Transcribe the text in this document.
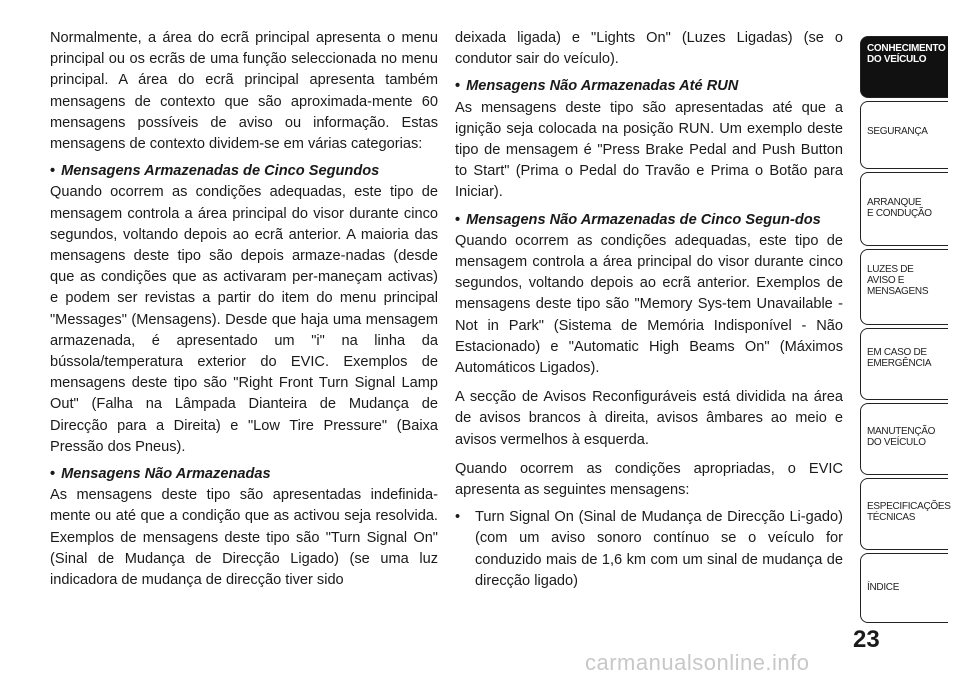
Normalmente, a área do ecrã principal apresenta o menu principal ou os ecrãs de uma função seleccionada no menu principal. A área do ecrã principal apresenta também mensagens de contexto que são aproximada-mente 60 mensagens possíveis de aviso ou informação. Estas mensagens de contexto dividem-se em várias categorias:

• Mensagens Armazenadas de Cinco Segundos

Quando ocorrem as condições adequadas, este tipo de mensagem controla a área principal do visor durante cinco segundos, voltando depois ao ecrã anterior. A maioria das mensagens deste tipo são depois armaze-nadas (desde que as condições que as activaram per-maneçam activas) e podem ser revistas a partir do item do menu principal "Messages" (Mensagens). Desde que haja uma mensagem armazenada, é apresentado um "i" na linha da bússola/temperatura exterior do EVIC. Exemplos de mensagens deste tipo são "Right Front Turn Signal Lamp Out" (Falha na Lâmpada Dianteira de Mudança de Direcção para a Direita) e "Low Tire Pressure" (Baixa Pressão dos Pneus).

• Mensagens Não Armazenadas

As mensagens deste tipo são apresentadas indefinida-mente ou até que a condição que as activou seja resolvida. Exemplos de mensagens deste tipo são "Turn Signal On" (Sinal de Mudança de Direcção Ligado) (se uma luz indicadora de mudança de direcção tiver sido

deixada ligada) e "Lights On" (Luzes Ligadas) (se o condutor sair do veículo).

• Mensagens Não Armazenadas Até RUN

As mensagens deste tipo são apresentadas até que a ignição seja colocada na posição RUN. Um exemplo deste tipo de mensagem é "Press Brake Pedal and Push Button to Start" (Prima o Pedal do Travão e Prima o Botão para Iniciar).

• Mensagens Não Armazenadas de Cinco Segun-dos

Quando ocorrem as condições adequadas, este tipo de mensagem controla a área principal do visor durante cinco segundos, voltando depois ao ecrã anterior. Exemplos de mensagens deste tipo são "Memory Sys-tem Unavailable - Not in Park" (Sistema de Memória Indisponível - Não Estacionado) e "Automatic High Beams On" (Máximos Automáticos Ligados).

A secção de Avisos Reconfiguráveis está dividida na área de avisos brancos à direita, avisos âmbares ao meio e avisos vermelhos à esquerda.

Quando ocorrem as condições apropriadas, o EVIC apresenta as seguintes mensagens:

• Turn Signal On (Sinal de Mudança de Direcção Li-gado) (com um aviso sonoro contínuo se o veículo for conduzido mais de 1,6 km com um sinal de mudança de direcção ligado)

CONHECIMENTO
DO VEÍCULO
SEGURANÇA
ARRANQUE
E CONDUÇÃO
LUZES DE
AVISO E
MENSAGENS
EM CASO DE
EMERGÊNCIA
MANUTENÇÃO
DO VEÍCULO
ESPECIFICAÇÕES
TÉCNICAS
ÍNDICE
23
carmanualsonline.info
